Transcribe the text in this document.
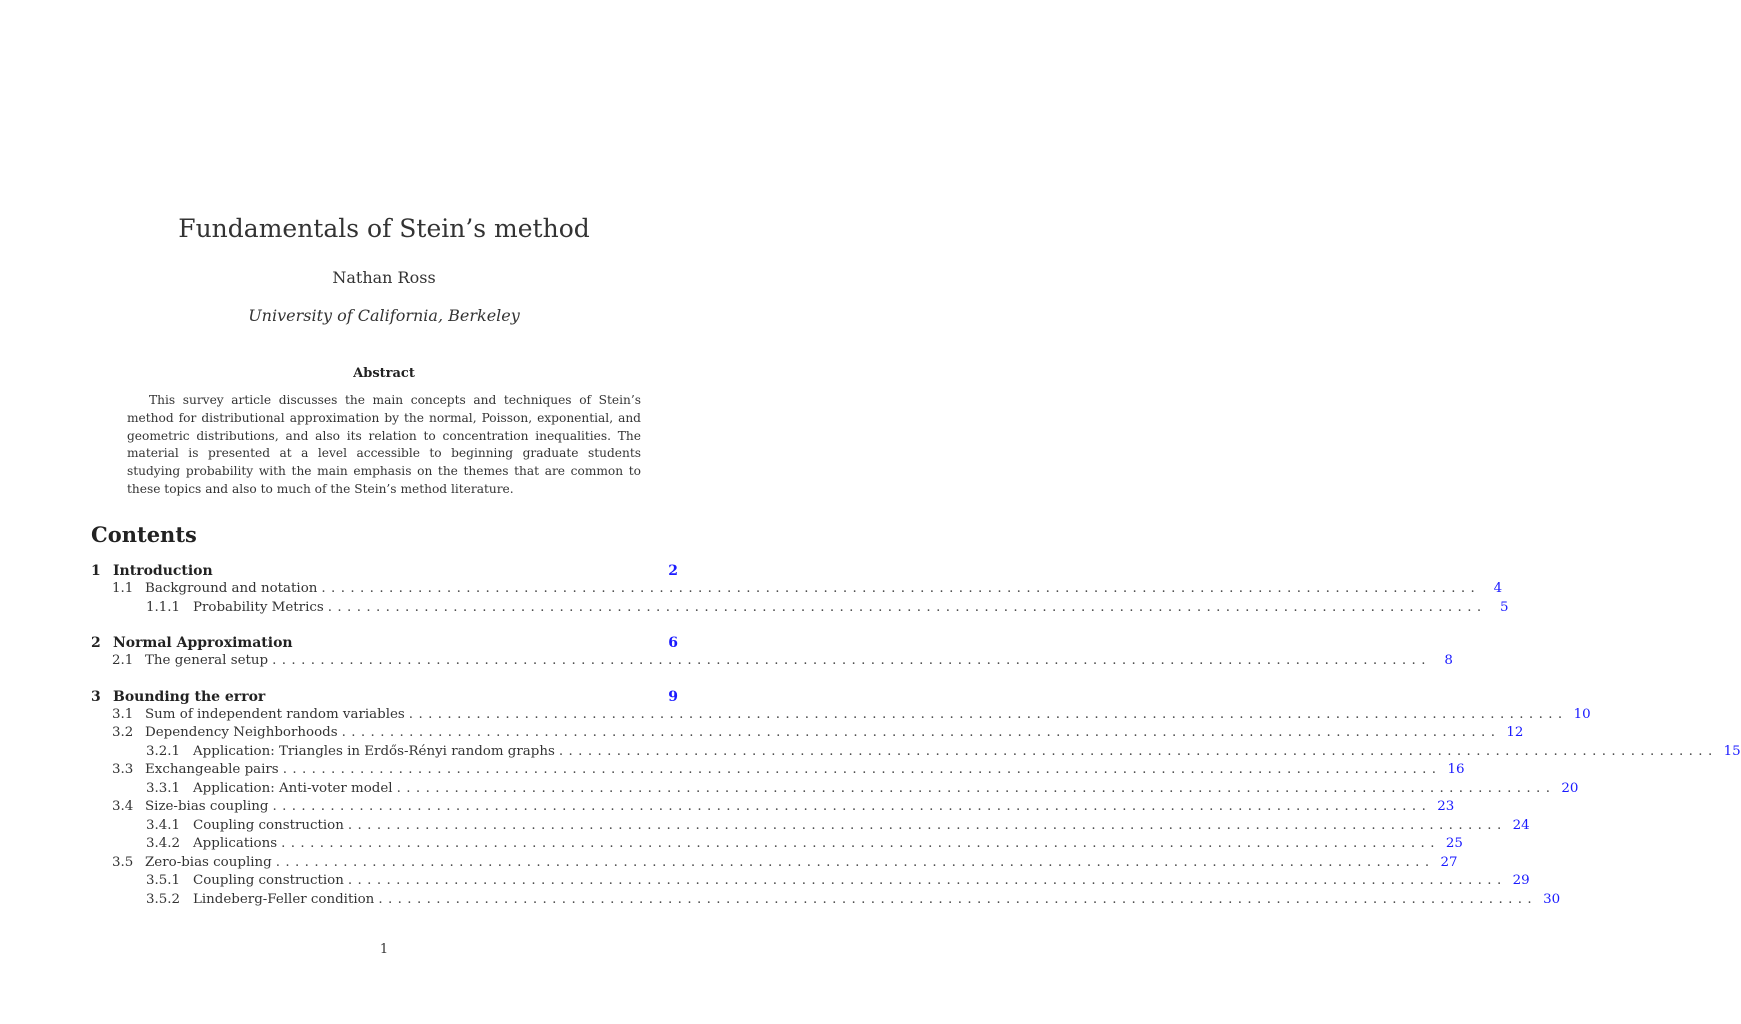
Fundamentals of Stein’s method
Nathan Ross
University of California, Berkeley
Abstract
This survey article discusses the main concepts and techniques of Stein’s method for distributional approximation by the normal, Poisson, exponential, and geometric distributions, and also its relation to concentration inequalities. The material is presented at a level accessible to beginning graduate students studying probability with the main emphasis on the themes that are common to these topics and also to much of the Stein’s method literature.
Contents
1 Introduction	2
1.1 Background and notation ........................................................................................................................	4
1.1.1 Probability Metrics ........................................................................................................................	5
2 Normal Approximation	6
2.1 The general setup ........................................................................................................................	8
3 Bounding the error	9
3.1 Sum of independent random variables ........................................................................................................................ 10
3.2 Dependency Neighborhoods ........................................................................................................................ 12
3.2.1 Application: Triangles in Erdős-Rényi random graphs ........................................................................................................................ 15
3.3 Exchangeable pairs ........................................................................................................................ 16
3.3.1 Application: Anti-voter model ........................................................................................................................ 20
3.4 Size-bias coupling ........................................................................................................................ 23
3.4.1 Coupling construction ........................................................................................................................ 24
3.4.2 Applications ........................................................................................................................ 25
3.5 Zero-bias coupling ........................................................................................................................ 27
3.5.1 Coupling construction ........................................................................................................................ 29
3.5.2 Lindeberg-Feller condition ........................................................................................................................ 30
1
